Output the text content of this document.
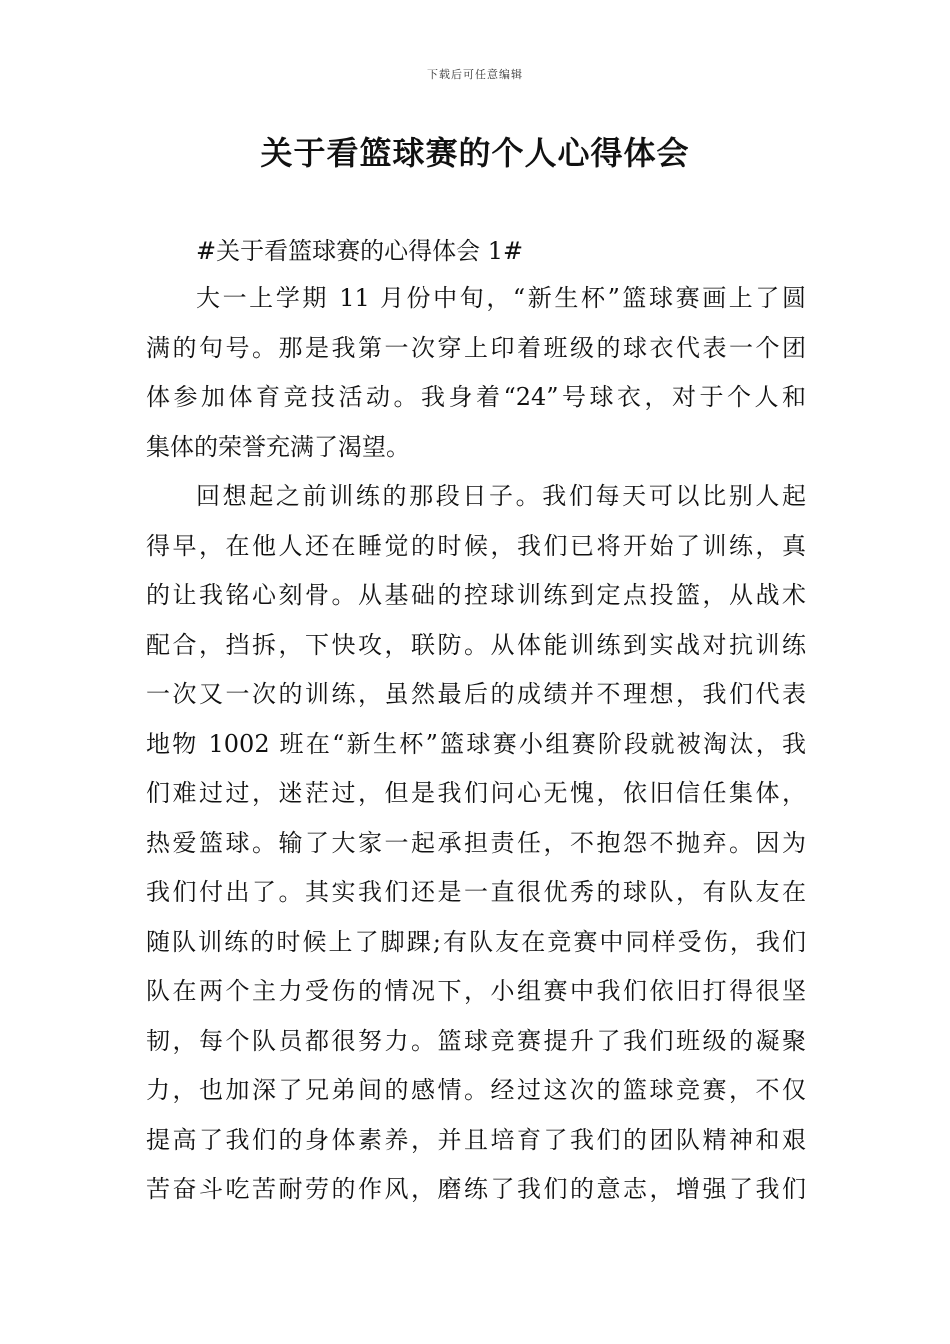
下载后可任意编辑
关于看篮球赛的个人心得体会
#关于看篮球赛的心得体会 1#
大一上学期 11 月份中旬，“新生杯”篮球赛画上了圆
满的句号。那是我第一次穿上印着班级的球衣代表一个团
体参加体育竞技活动。我身着“24”号球衣，对于个人和
集体的荣誉充满了渴望。
回想起之前训练的那段日子。我们每天可以比别人起
得早，在他人还在睡觉的时候，我们已将开始了训练，真
的让我铭心刻骨。从基础的控球训练到定点投篮，从战术
配合，挡拆，下快攻，联防。从体能训练到实战对抗训练
一次又一次的训练，虽然最后的成绩并不理想，我们代表
地物 1002 班在“新生杯”篮球赛小组赛阶段就被淘汰，我
们难过过，迷茫过，但是我们问心无愧，依旧信任集体，
热爱篮球。输了大家一起承担责任，不抱怨不抛弃。因为
我们付出了。其实我们还是一直很优秀的球队，有队友在
随队训练的时候上了脚踝;有队友在竞赛中同样受伤，我们
队在两个主力受伤的情况下，小组赛中我们依旧打得很坚
韧，每个队员都很努力。篮球竞赛提升了我们班级的凝聚
力，也加深了兄弟间的感情。经过这次的篮球竞赛，不仅
提高了我们的身体素养，并且培育了我们的团队精神和艰
苦奋斗吃苦耐劳的作风，磨练了我们的意志，增强了我们
